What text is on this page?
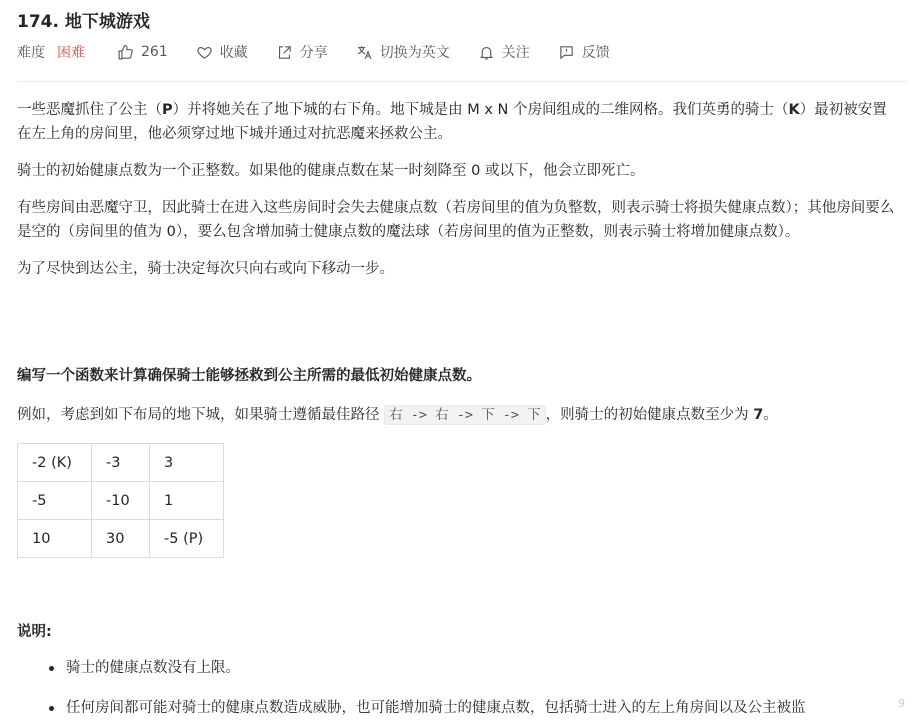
174. 地下城游戏
难度 困难	261	收藏	分享	切换为英文	关注	反馈

一些恶魔抓住了公主（P）并将她关在了地下城的右下角。地下城是由 M x N 个房间组成的二维网格。我们英勇的骑士（K）最初被安置在左上角的房间里，他必须穿过地下城并通过对抗恶魔来拯救公主。

骑士的初始健康点数为一个正整数。如果他的健康点数在某一时刻降至 0 或以下，他会立即死亡。

有些房间由恶魔守卫，因此骑士在进入这些房间时会失去健康点数（若房间里的值为负整数，则表示骑士将损失健康点数）；其他房间要么是空的（房间里的值为 0），要么包含增加骑士健康点数的魔法球（若房间里的值为正整数，则表示骑士将增加健康点数）。

为了尽快到达公主，骑士决定每次只向右或向下移动一步。

编写一个函数来计算确保骑士能够拯救到公主所需的最低初始健康点数。
例如，考虑到如下布局的地下城，如果骑士遵循最佳路径 右 -> 右 -> 下 -> 下 ，则骑士的初始健康点数至少为 7。
-2 (K)	-3	3
-5	-10	1
10	30	-5 (P)
说明:
骑士的健康点数没有上限。
任何房间都可能对骑士的健康点数造成威胁，也可能增加骑士的健康点数，包括骑士进入的左上角房间以及公主被监	9
